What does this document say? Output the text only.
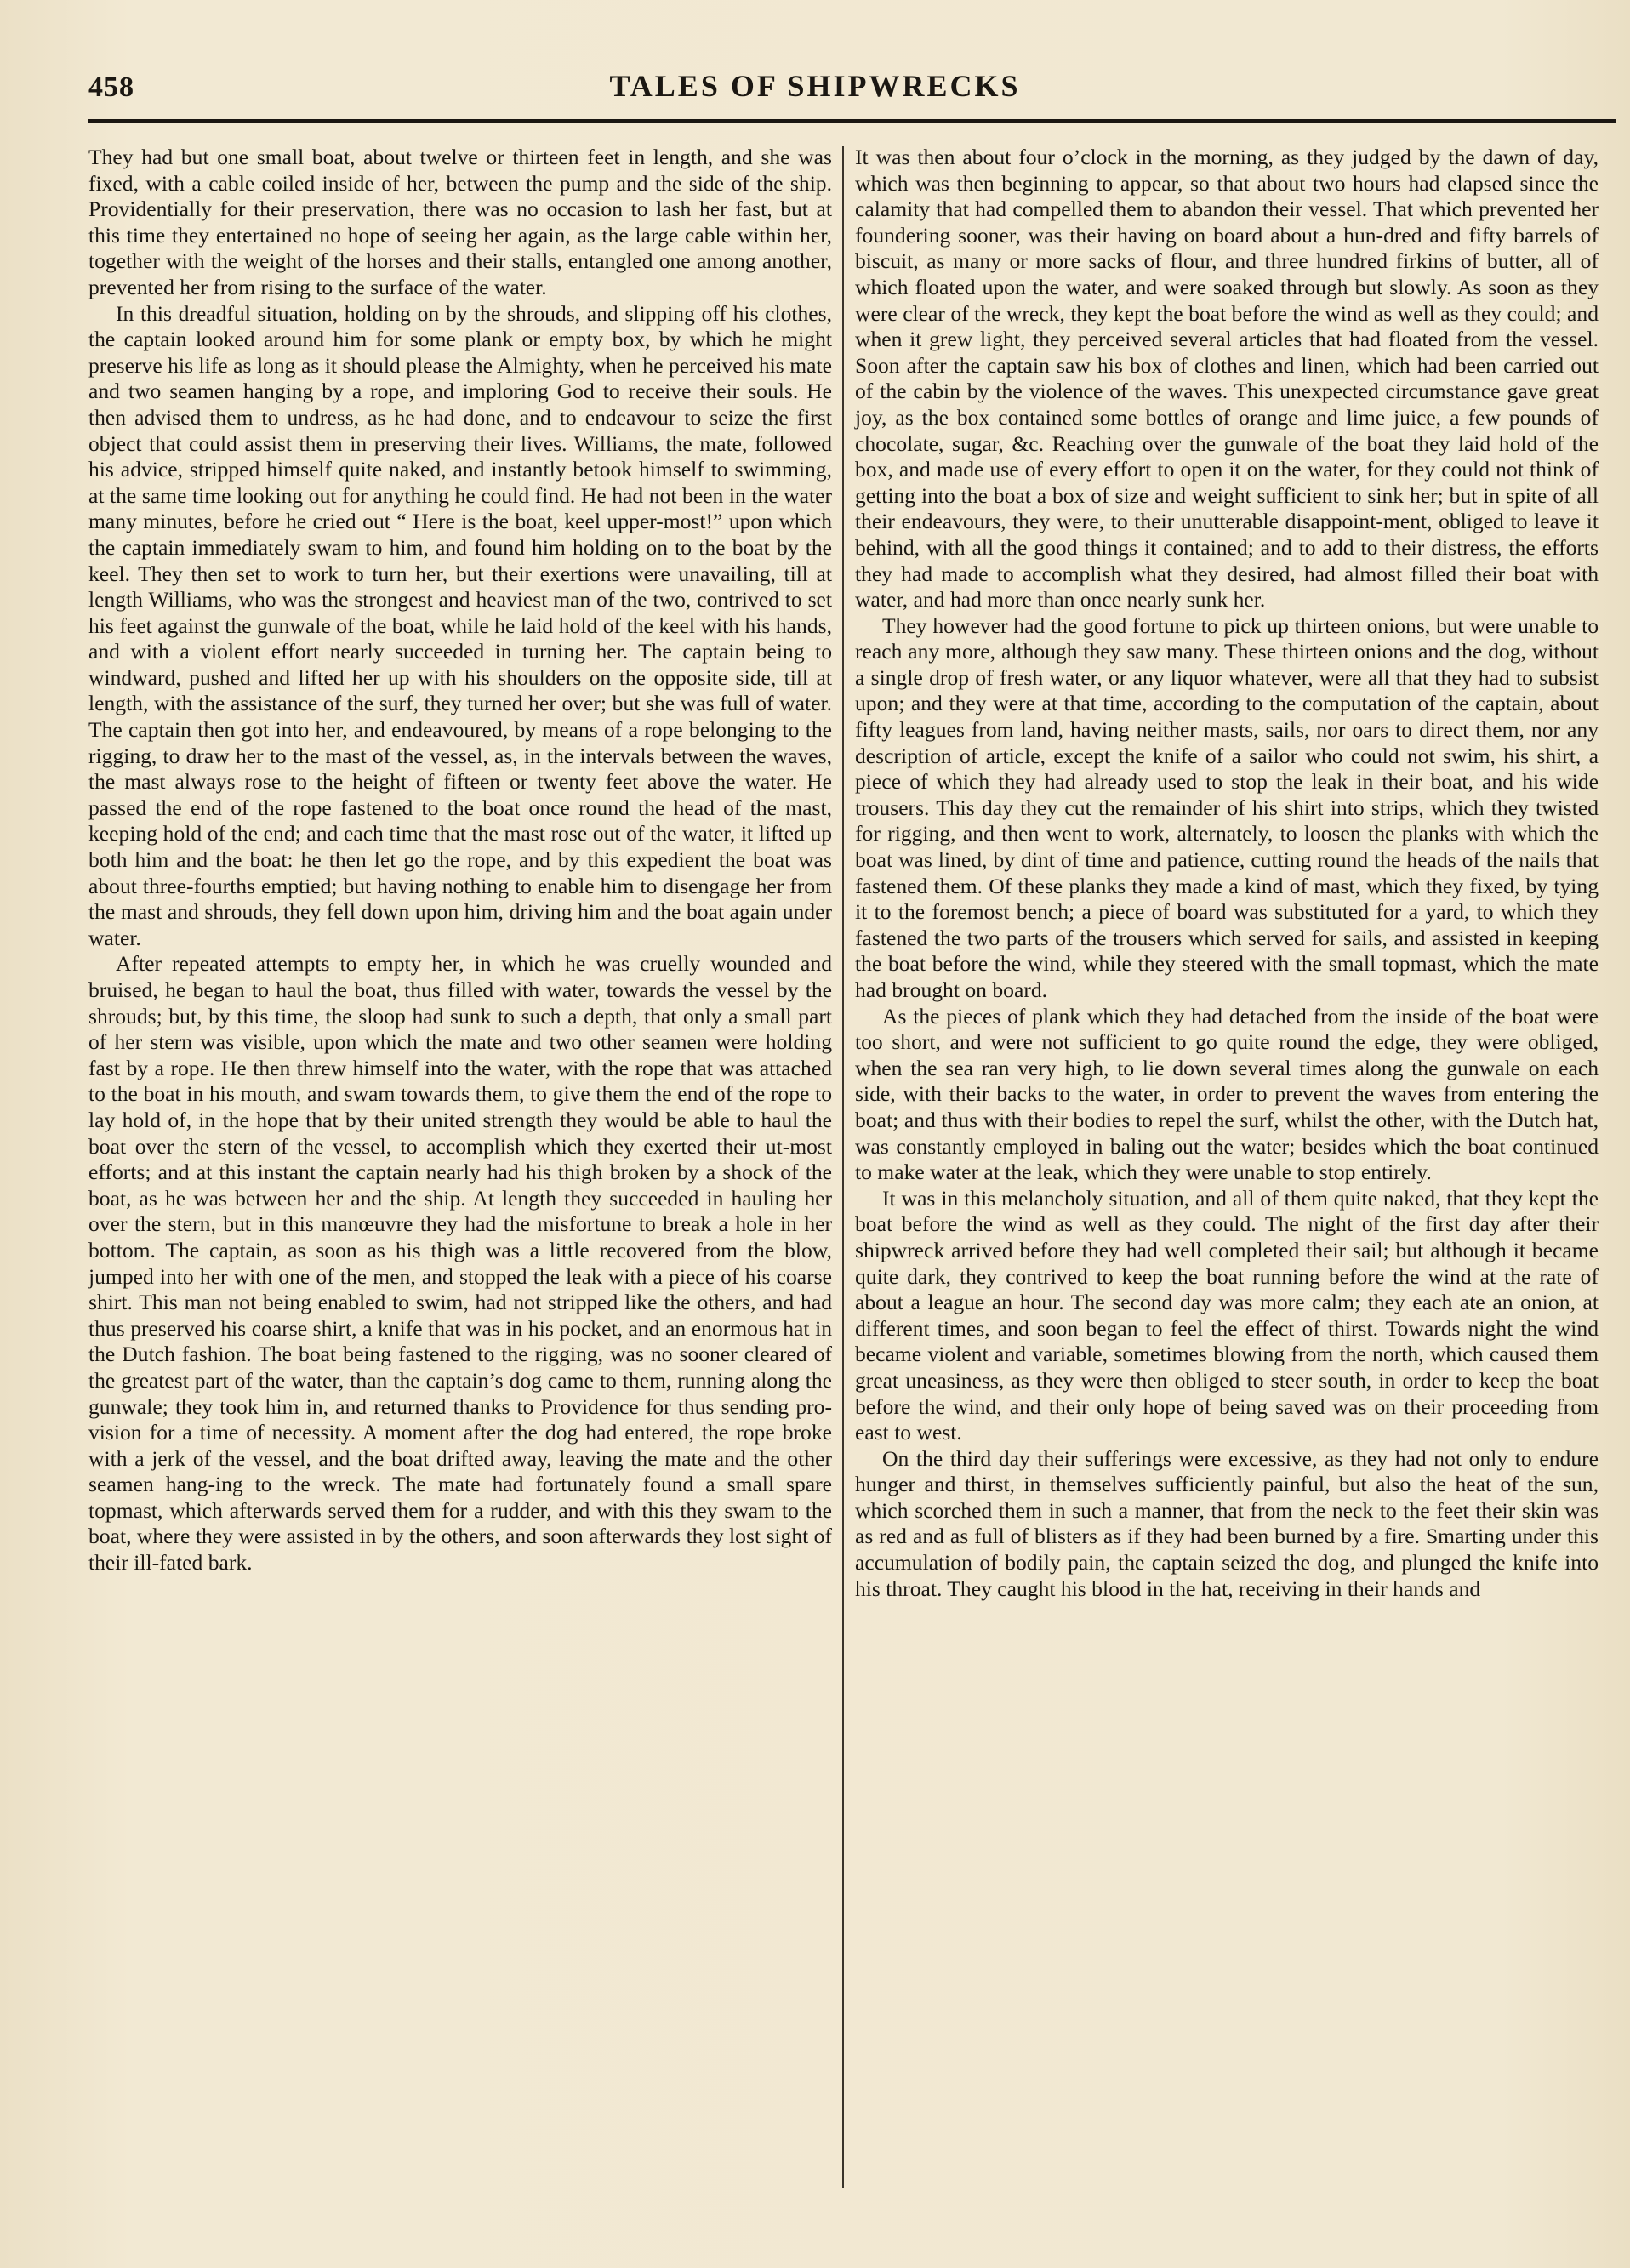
458	TALES OF SHIPWRECKS

They had but one small boat, about twelve or thirteen feet in length, and she was fixed, with a cable coiled inside of her, between the pump and the side of the ship. Providentially for their preservation, there was no occasion to lash her fast, but at this time they entertained no hope of seeing her again, as the large cable within her, together with the weight of the horses and their stalls, entangled one among another, prevented her from rising to the surface of the water.

In this dreadful situation, holding on by the shrouds, and slipping off his clothes, the captain looked around him for some plank or empty box, by which he might preserve his life as long as it should please the Almighty, when he perceived his mate and two seamen hanging by a rope, and imploring God to receive their souls. He then advised them to undress, as he had done, and to endeavour to seize the first object that could assist them in preserving their lives. Williams, the mate, followed his advice, stripped himself quite naked, and instantly betook himself to swimming, at the same time looking out for anything he could find. He had not been in the water many minutes, before he cried out “ Here is the boat, keel upper-most!” upon which the captain immediately swam to him, and found him holding on to the boat by the keel. They then set to work to turn her, but their exertions were unavailing, till at length Williams, who was the strongest and heaviest man of the two, contrived to set his feet against the gunwale of the boat, while he laid hold of the keel with his hands, and with a violent effort nearly succeeded in turning her. The captain being to windward, pushed and lifted her up with his shoulders on the opposite side, till at length, with the assistance of the surf, they turned her over; but she was full of water. The captain then got into her, and endeavoured, by means of a rope belonging to the rigging, to draw her to the mast of the vessel, as, in the intervals between the waves, the mast always rose to the height of fifteen or twenty feet above the water. He passed the end of the rope fastened to the boat once round the head of the mast, keeping hold of the end; and each time that the mast rose out of the water, it lifted up both him and the boat: he then let go the rope, and by this expedient the boat was about three-fourths emptied; but having nothing to enable him to disengage her from the mast and shrouds, they fell down upon him, driving him and the boat again under water.

After repeated attempts to empty her, in which he was cruelly wounded and bruised, he began to haul the boat, thus filled with water, towards the vessel by the shrouds; but, by this time, the sloop had sunk to such a depth, that only a small part of her stern was visible, upon which the mate and two other seamen were holding fast by a rope. He then threw himself into the water, with the rope that was attached to the boat in his mouth, and swam towards them, to give them the end of the rope to lay hold of, in the hope that by their united strength they would be able to haul the boat over the stern of the vessel, to accomplish which they exerted their ut-most efforts; and at this instant the captain nearly had his thigh broken by a shock of the boat, as he was between her and the ship. At length they succeeded in hauling her over the stern, but in this manœuvre they had the misfortune to break a hole in her bottom. The captain, as soon as his thigh was a little recovered from the blow, jumped into her with one of the men, and stopped the leak with a piece of his coarse shirt. This man not being enabled to swim, had not stripped like the others, and had thus preserved his coarse shirt, a knife that was in his pocket, and an enormous hat in the Dutch fashion. The boat being fastened to the rigging, was no sooner cleared of the greatest part of the water, than the captain’s dog came to them, running along the gunwale; they took him in, and returned thanks to Providence for thus sending pro-vision for a time of necessity. A moment after the dog had entered, the rope broke with a jerk of the vessel, and the boat drifted away, leaving the mate and the other seamen hang-ing to the wreck. The mate had fortunately found a small spare topmast, which afterwards served them for a rudder, and with this they swam to the boat, where they were assisted in by the others, and soon afterwards they lost sight of their ill-fated bark.

It was then about four o’clock in the morning, as they judged by the dawn of day, which was then beginning to appear, so that about two hours had elapsed since the calamity that had compelled them to abandon their vessel. That which prevented her foundering sooner, was their having on board about a hun-dred and fifty barrels of biscuit, as many or more sacks of flour, and three hundred firkins of butter, all of which floated upon the water, and were soaked through but slowly. As soon as they were clear of the wreck, they kept the boat before the wind as well as they could; and when it grew light, they perceived several articles that had floated from the vessel. Soon after the captain saw his box of clothes and linen, which had been carried out of the cabin by the violence of the waves. This unexpected circumstance gave great joy, as the box contained some bottles of orange and lime juice, a few pounds of chocolate, sugar, &c. Reaching over the gunwale of the boat they laid hold of the box, and made use of every effort to open it on the water, for they could not think of getting into the boat a box of size and weight sufficient to sink her; but in spite of all their endeavours, they were, to their unutterable disappoint-ment, obliged to leave it behind, with all the good things it contained; and to add to their distress, the efforts they had made to accomplish what they desired, had almost filled their boat with water, and had more than once nearly sunk her.

They however had the good fortune to pick up thirteen onions, but were unable to reach any more, although they saw many. These thirteen onions and the dog, without a single drop of fresh water, or any liquor whatever, were all that they had to subsist upon; and they were at that time, according to the computation of the captain, about fifty leagues from land, having neither masts, sails, nor oars to direct them, nor any description of article, except the knife of a sailor who could not swim, his shirt, a piece of which they had already used to stop the leak in their boat, and his wide trousers. This day they cut the remainder of his shirt into strips, which they twisted for rigging, and then went to work, alternately, to loosen the planks with which the boat was lined, by dint of time and patience, cutting round the heads of the nails that fastened them. Of these planks they made a kind of mast, which they fixed, by tying it to the foremost bench; a piece of board was substituted for a yard, to which they fastened the two parts of the trousers which served for sails, and assisted in keeping the boat before the wind, while they steered with the small topmast, which the mate had brought on board.

As the pieces of plank which they had detached from the inside of the boat were too short, and were not sufficient to go quite round the edge, they were obliged, when the sea ran very high, to lie down several times along the gunwale on each side, with their backs to the water, in order to prevent the waves from entering the boat; and thus with their bodies to repel the surf, whilst the other, with the Dutch hat, was constantly employed in baling out the water; besides which the boat continued to make water at the leak, which they were unable to stop entirely.

It was in this melancholy situation, and all of them quite naked, that they kept the boat before the wind as well as they could. The night of the first day after their shipwreck arrived before they had well completed their sail; but although it became quite dark, they contrived to keep the boat running before the wind at the rate of about a league an hour. The second day was more calm; they each ate an onion, at different times, and soon began to feel the effect of thirst. Towards night the wind became violent and variable, sometimes blowing from the north, which caused them great uneasiness, as they were then obliged to steer south, in order to keep the boat before the wind, and their only hope of being saved was on their proceeding from east to west.

On the third day their sufferings were excessive, as they had not only to endure hunger and thirst, in themselves sufficiently painful, but also the heat of the sun, which scorched them in such a manner, that from the neck to the feet their skin was as red and as full of blisters as if they had been burned by a fire. Smarting under this accumulation of bodily pain, the captain seized the dog, and plunged the knife into his throat. They caught his blood in the hat, receiving in their hands and
